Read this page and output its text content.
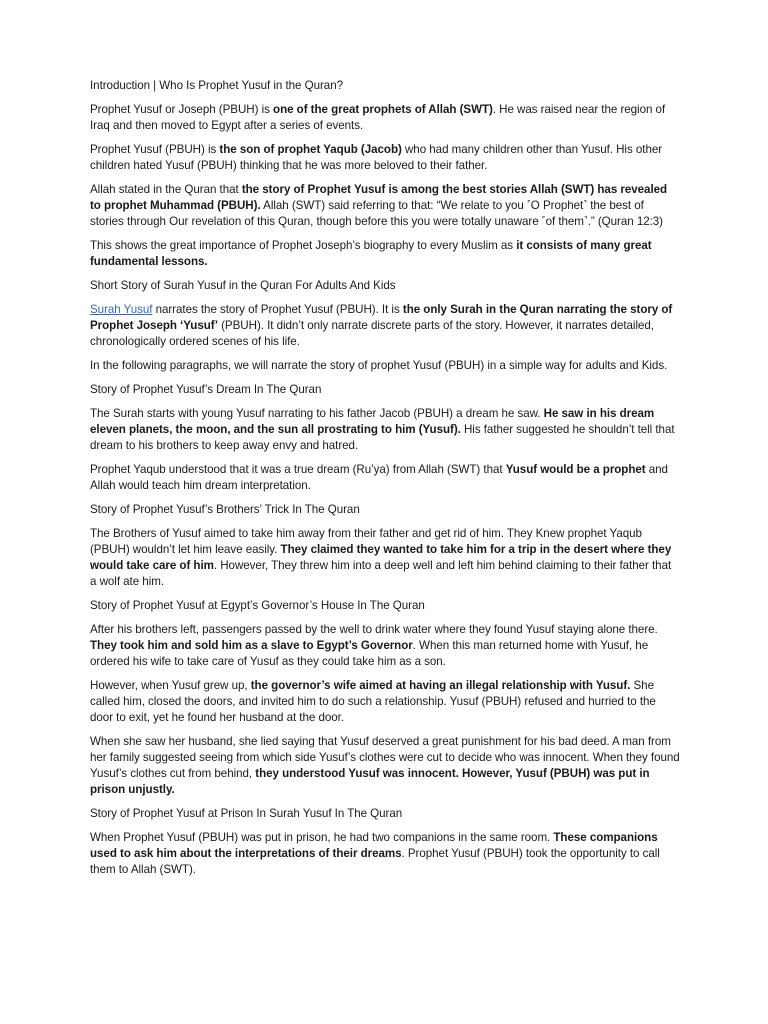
Introduction | Who Is Prophet Yusuf in the Quran?

Prophet Yusuf or Joseph (PBUH) is one of the great prophets of Allah (SWT). He was raised near the region of Iraq and then moved to Egypt after a series of events.

Prophet Yusuf (PBUH) is the son of prophet Yaqub (Jacob) who had many children other than Yusuf. His other children hated Yusuf (PBUH) thinking that he was more beloved to their father.

Allah stated in the Quran that the story of Prophet Yusuf is among the best stories Allah (SWT) has revealed to prophet Muhammad (PBUH). Allah (SWT) said referring to that: “We relate to you ˹O Prophet˺ the best of stories through Our revelation of this Quran, though before this you were totally unaware ˹of them˺.” (Quran 12:3)

This shows the great importance of Prophet Joseph’s biography to every Muslim as it consists of many great fundamental lessons.

Short Story of Surah Yusuf in the Quran For Adults And Kids

Surah Yusuf narrates the story of Prophet Yusuf (PBUH). It is the only Surah in the Quran narrating the story of Prophet Joseph ‘Yusuf’ (PBUH). It didn’t only narrate discrete parts of the story. However, it narrates detailed, chronologically ordered scenes of his life.

In the following paragraphs, we will narrate the story of prophet Yusuf (PBUH) in a simple way for adults and Kids.

Story of Prophet Yusuf’s Dream In The Quran

The Surah starts with young Yusuf narrating to his father Jacob (PBUH) a dream he saw. He saw in his dream eleven planets, the moon, and the sun all prostrating to him (Yusuf). His father suggested he shouldn’t tell that dream to his brothers to keep away envy and hatred.

Prophet Yaqub understood that it was a true dream (Ru’ya) from Allah (SWT) that Yusuf would be a prophet and Allah would teach him dream interpretation.

Story of Prophet Yusuf’s Brothers’ Trick In The Quran

The Brothers of Yusuf aimed to take him away from their father and get rid of him. They Knew prophet Yaqub (PBUH) wouldn’t let him leave easily. They claimed they wanted to take him for a trip in the desert where they would take care of him. However, They threw him into a deep well and left him behind claiming to their father that a wolf ate him.

Story of Prophet Yusuf at Egypt’s Governor’s House In The Quran

After his brothers left, passengers passed by the well to drink water where they found Yusuf staying alone there. They took him and sold him as a slave to Egypt’s Governor. When this man returned home with Yusuf, he ordered his wife to take care of Yusuf as they could take him as a son.

However, when Yusuf grew up, the governor’s wife aimed at having an illegal relationship with Yusuf. She called him, closed the doors, and invited him to do such a relationship. Yusuf (PBUH) refused and hurried to the door to exit, yet he found her husband at the door.

When she saw her husband, she lied saying that Yusuf deserved a great punishment for his bad deed. A man from her family suggested seeing from which side Yusuf’s clothes were cut to decide who was innocent. When they found Yusuf’s clothes cut from behind, they understood Yusuf was innocent. However, Yusuf (PBUH) was put in prison unjustly.

Story of Prophet Yusuf at Prison In Surah Yusuf In The Quran

When Prophet Yusuf (PBUH) was put in prison, he had two companions in the same room. These companions used to ask him about the interpretations of their dreams. Prophet Yusuf (PBUH) took the opportunity to call them to Allah (SWT).
